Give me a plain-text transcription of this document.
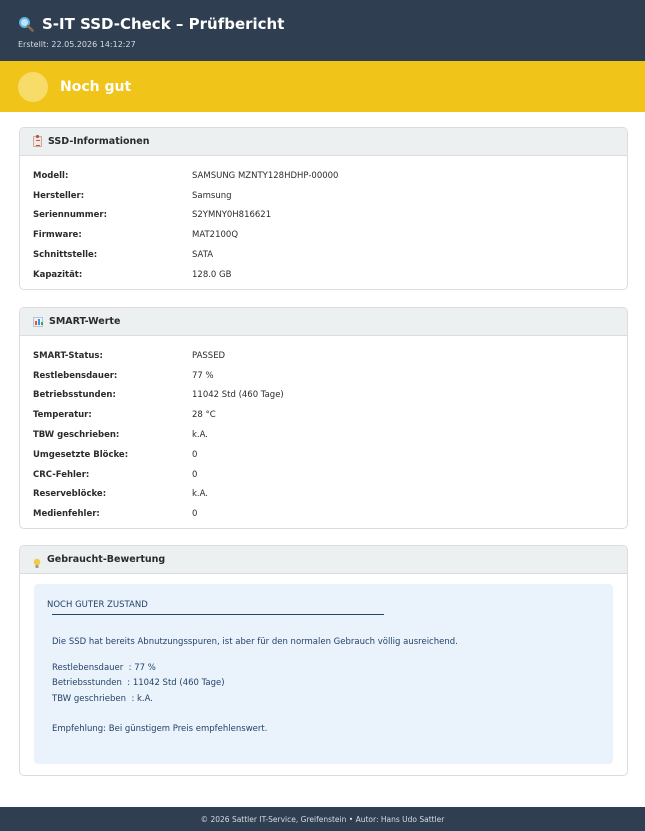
S-IT SSD-Check – Prüfbericht
Erstellt: 22.05.2026 14:12:27
Noch gut
SSD-Informationen
Modell:	SAMSUNG MZNTY128HDHP-00000
Hersteller:	Samsung
Seriennummer:	S2YMNY0H816621
Firmware:	MAT2100Q
Schnittstelle:	SATA
Kapazität:	128.0 GB
SMART-Werte
SMART-Status:	PASSED
Restlebensdauer:	77 %
Betriebsstunden:	11042 Std (460 Tage)
Temperatur:	28 °C
TBW geschrieben:	k.A.
Umgesetzte Blöcke:	0
CRC-Fehler:	0
Reserveblöcke:	k.A.
Medienfehler:	0
Gebraucht-Bewertung
NOCH GUTER ZUSTAND
Die SSD hat bereits Abnutzungsspuren, ist aber für den normalen Gebrauch völlig ausreichend.
Restlebensdauer  : 77 %
Betriebsstunden  : 11042 Std (460 Tage)
TBW geschrieben  : k.A.
Empfehlung: Bei günstigem Preis empfehlenswert.
© 2026 Sattler IT-Service, Greifenstein • Autor: Hans Udo Sattler
